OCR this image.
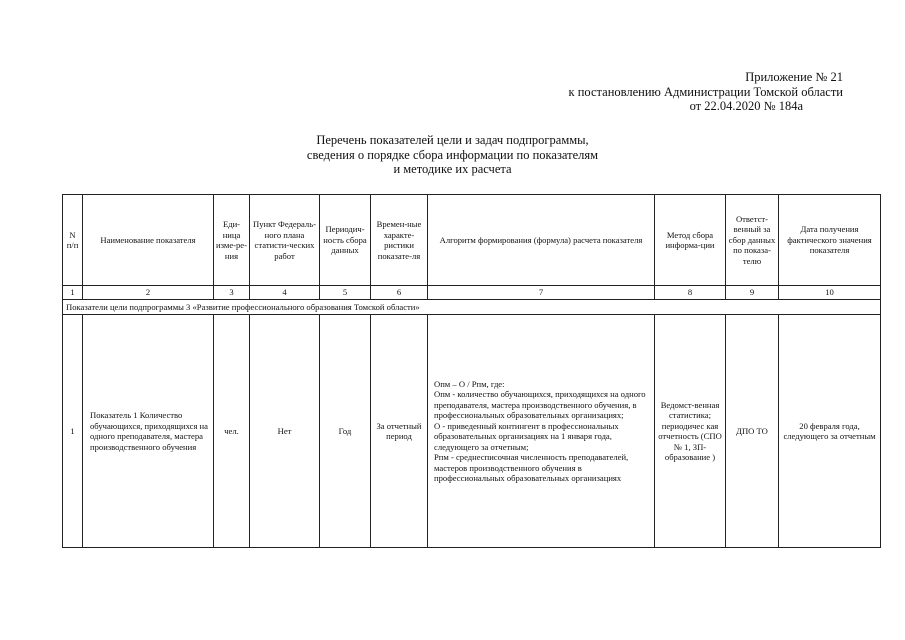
Приложение № 21
к постановлению Администрации Томской области
от 22.04.2020 № 184а
Перечень показателей цели и задач подпрограммы,
сведения о порядке сбора информации по показателям
и методике их расчета
N п/п	Наименование показателя	Еди-ница изме-ре-ния	Пункт Федераль-ного плана статисти-ческих работ	Периодич-ность сбора данных	Времен-ные характе-ристики показате-ля	Алгоритм формирования (формула) расчета показателя	Метод сбора информа-ции	Ответст-венный за сбор данных по показа-телю	Дата получения фактического значения показателя
1	2	3	4	5	6	7	8	9	10
Показатели цели подпрограммы 3 «Развитие профессионального образования Томской области»									
1	Показатель 1 Количество обучающихся, приходящихся на одного преподавателя, мастера производственного обучения	чел.	Нет	Год	За отчетный период	Опм – О / Рпм, где:
Опм - количество обучающихся, приходящихся на одного преподавателя, мастера производственного обучения, в профессиональных образовательных организациях;
О - приведенный контингент в профессиональных образовательных организациях на 1 января года, следующего за отчетным;
Рпм - среднесписочная численность преподавателей, мастеров производственного обучения в профессиональных образовательных организациях	Ведомст-венная статистика; периодичес кая отчетность (СПО № 1, ЗП-образование )	ДПО ТО	20 февраля года, следующего за отчетным
